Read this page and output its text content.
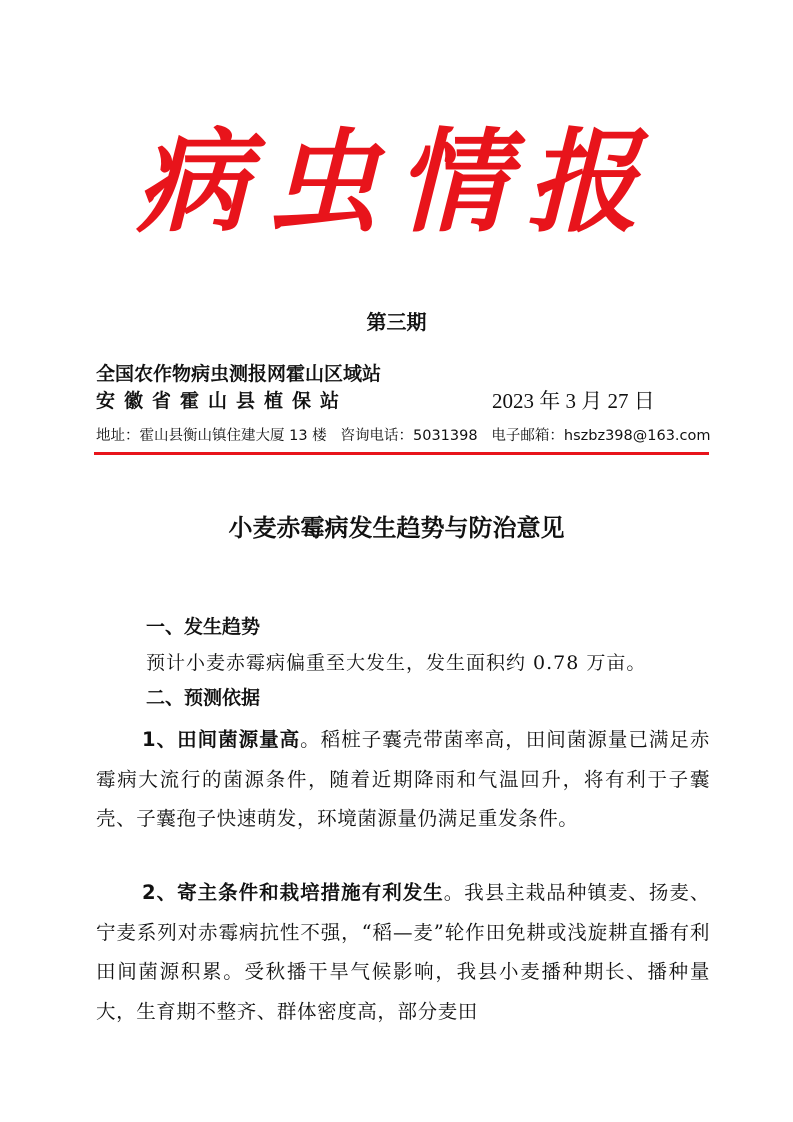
病虫情报
第三期
全国农作物病虫测报网霍山区域站
安徽省霍山县植保站	2023 年 3 月 27 日
地址：霍山县衡山镇住建大厦 13 楼 咨询电话：5031398 电子邮箱：hszbz398@163.com
小麦赤霉病发生趋势与防治意见
一、发生趋势
预计小麦赤霉病偏重至大发生，发生面积约 0.78 万亩。
二、预测依据
1、田间菌源量高。稻桩子囊壳带菌率高，田间菌源量已满足赤霉病大流行的菌源条件，随着近期降雨和气温回升，将有利于子囊壳、子囊孢子快速萌发，环境菌源量仍满足重发条件。
2、寄主条件和栽培措施有利发生。我县主栽品种镇麦、扬麦、宁麦系列对赤霉病抗性不强，“稻—麦”轮作田免耕或浅旋耕直播有利田间菌源积累。受秋播干旱气候影响，我县小麦播种期长、播种量大，生育期不整齐、群体密度高，部分麦田
